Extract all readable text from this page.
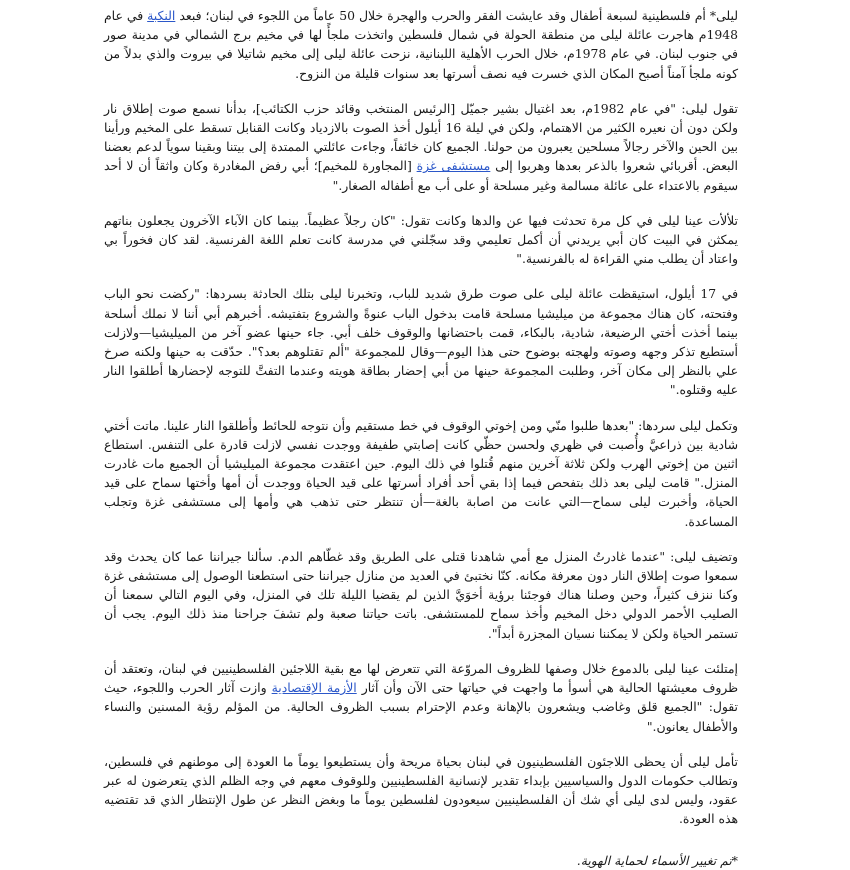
ليلى* أم فلسطينية لسبعة أطفال وقد عايشت الفقر والحرب والهجرة خلال 50 عاماً من اللجوء في لبنان؛ فبعد النكبة في عام 1948م هاجرت عائلة ليلى من منطقة الحولة في شمال فلسطين واتخذت ملجأً لها في مخيم برج الشمالي في مدينة صور في جنوب لبنان. في عام 1978م، خلال الحرب الأهلية اللبنانية، نزحت عائلة ليلى إلى مخيم شاتيلا في بيروت والذي بدلاً من كونه ملجأ آمناً أصبح المكان الذي خسرت فيه نصف أسرتها بعد سنوات قليلة من النزوح.

تقول ليلى: "في عام 1982م، بعد اغتيال بشير جميّل [الرئيس المنتخب وقائد حزب الكتائب]، بدأنا نسمع صوت إطلاق نار ولكن دون أن نعيره الكثير من الاهتمام، ولكن في ليلة 16 أيلول أخذ الصوت بالازدياد وكانت القنابل تسقط على المخيم ورأينا بين الحين والآخر رجالاً مسلحين يعبرون من حولنا. الجميع كان خائفاً، وجاءت عائلتي الممتدة إلى بيتنا وبقينا سوياً لدعم بعضنا البعض. أقربائي شعروا بالذعر بعدها وهربوا إلى مستشفى غزة [المجاورة للمخيم]؛ أبي رفض المغادرة وكان واثقاً أن لا أحد سيقوم بالاعتداء على عائلة مسالمة وغير مسلحة أو على أب مع أطفاله الصغار."

تلألأت عينا ليلى في كل مرة تحدثت فيها عن والدها وكانت تقول: "كان رجلاً عظيماً. بينما كان الآباء الآخرون يجعلون بناتهم يمكثن في البيت كان أبي يريدني أن أكمل تعليمي وقد سجّلني في مدرسة كانت تعلم اللغة الفرنسية. لقد كان فخوراً بي واعتاد أن يطلب مني القراءة له بالفرنسية."

في 17 أيلول، استيقظت عائلة ليلى على صوت طرق شديد للباب، وتخبرنا ليلى بتلك الحادثة بسردها: "ركضت نحو الباب وفتحته، كان هناك مجموعة من ميليشيا مسلحة قامت بدخول الباب عنوةً والشروع بتفتيشه. أخبرهم أبي أننا لا نملك أسلحة بينما أخذت أختي الرضيعة، شادية، بالبكاء، قمت باحتضانها والوقوف خلف أبي. جاء حينها عضو آخر من الميليشيا—ولازلت أستطيع تذكر وجهه وصوته ولهجته بوضوح حتى هذا اليوم—وقال للمجموعة "ألم تقتلوهم بعد؟". حدّقت به حينها ولكنه صرخ علي بالنظر إلى مكان آخر، وطلبت المجموعة حينها من أبي إحضار بطاقة هويته وعندما التفتَّ للتوجه لإحضارها أطلقوا النار عليه وقتلوه."

وتكمل ليلى سردها: "بعدها طلبوا منّي ومن إخوتي الوقوف في خط مستقيم وأن نتوجه للحائط وأطلقوا النار علينا. ماتت أختي شادية بين ذراعيَّ وأُصبت في ظهري ولحسن حظّي كانت إصابتي طفيفة ووجدت نفسي لازلت قادرة على التنفس. استطاع اثنين من إخوتي الهرب ولكن ثلاثة آخرين منهم قُتلوا في ذلك اليوم. حين اعتقدت مجموعة الميليشيا أن الجميع مات غادرت المنزل." قامت ليلى بعد ذلك بتفحص فيما إذا بقي أحد أفراد أسرتها على قيد الحياة ووجدت أن أمها وأختها سماح على قيد الحياة، وأخبرت ليلى سماح—التي عانت من اصابة بالغة—أن تنتظر حتى تذهب هي وأمها إلى مستشفى غزة وتجلب المساعدة.

وتضيف ليلى: "عندما غادرتُ المنزل مع أمي شاهدنا قتلى على الطريق وقد غطّاهم الدم. سألنا جيراننا عما كان يحدث وقد سمعوا صوت إطلاق النار دون معرفة مكانه. كنّا نختبئ في العديد من منازل جيراننا حتى استطعنا الوصول إلى مستشفى غزة وكنا ننزف كثيراً، وحين وصلنا هناك فوجئنا برؤية أخوَيَّ الذين لم يقضيا الليلة تلك في المنزل، وفي اليوم التالي سمعنا أن الصليب الأحمر الدولي دخل المخيم وأخذ سماح للمستشفى. باتت حياتنا صعبة ولم تشفَ جراحنا منذ ذلك اليوم. يجب أن تستمر الحياة ولكن لا يمكننا نسيان المجزرة أبداً".

إمتلئت عينا ليلى بالدموع خلال وصفها للظروف المروّعة التي تتعرض لها مع بقية اللاجئين الفلسطينيين في لبنان، وتعتقد أن ظروف معيشتها الحالية هي أسوأ ما واجهت في حياتها حتى الآن وأن آثار الأزمة الإقتصادية وازت آثار الحرب واللجوء، حيث تقول: "الجميع قلق وغاضب ويشعرون بالإهانة وعدم الإحترام بسبب الظروف الحالية. من المؤلم رؤية المسنين والنساء والأطفال يعانون."

تأمل ليلى أن يحظى اللاجئون الفلسطينيون في لبنان بحياة مريحة وأن يستطيعوا يوماً ما العودة إلى موطنهم في فلسطين، وتطالب حكومات الدول والسياسيين بإبداء تقدير لإنسانية الفلسطينيين وللوقوف معهم في وجه الظلم الذي يتعرضون له عبر عقود، وليس لدى ليلى أي شك أن الفلسطينيين سيعودون لفلسطين يوماً ما وبغض النظر عن طول الإنتظار الذي قد تقتضيه هذه العودة.

*تم تغيير الأسماء لحماية الهوية.
